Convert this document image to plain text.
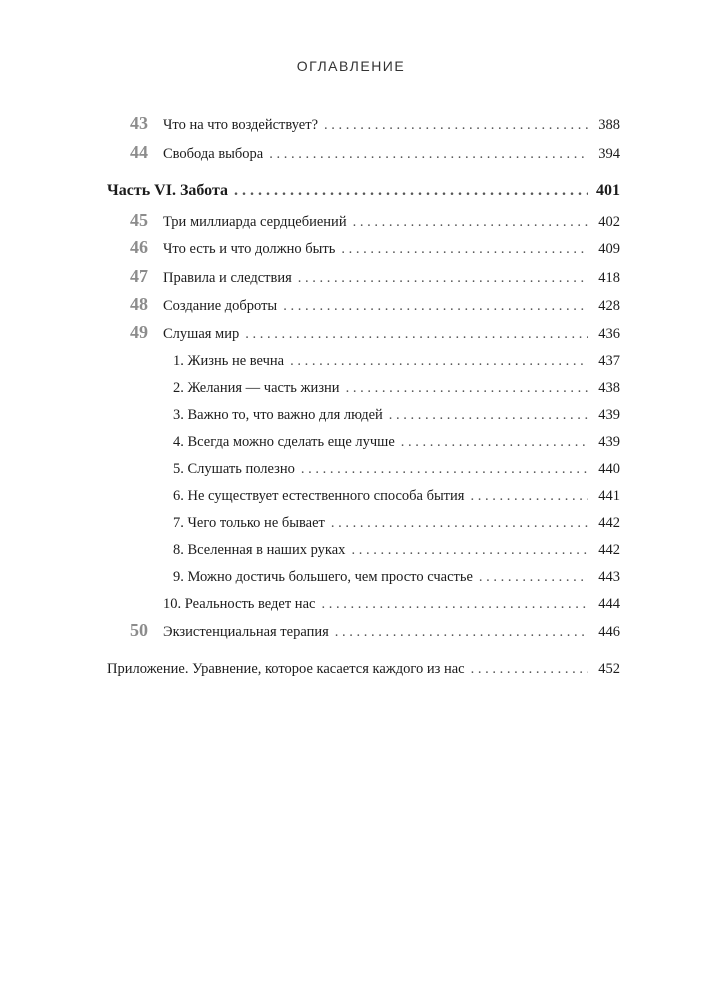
ОГЛАВЛЕНИЕ
43 Что на что воздействует? . . .	388
44 Свобода выбора . . .	394
Часть VI. Забота . . .	401
45 Три миллиарда сердцебиений . . .	402
46 Что есть и что должно быть . . .	409
47 Правила и следствия . . .	418
48 Создание доброты . . .	428
49 Слушая мир . . .	436
1. Жизнь не вечна . . .	437
2. Желания — часть жизни . . .	438
3. Важно то, что важно для людей . . .	439
4. Всегда можно сделать еще лучше . . .	439
5. Слушать полезно . . .	440
6. Не существует естественного способа бытия . . .	441
7. Чего только не бывает . . .	442
8. Вселенная в наших руках . . .	442
9. Можно достичь большего, чем просто счастье . . .	443
10. Реальность ведет нас . . .	444
50 Экзистенциальная терапия . . .	446
Приложение. Уравнение, которое касается каждого из нас . . .	452
